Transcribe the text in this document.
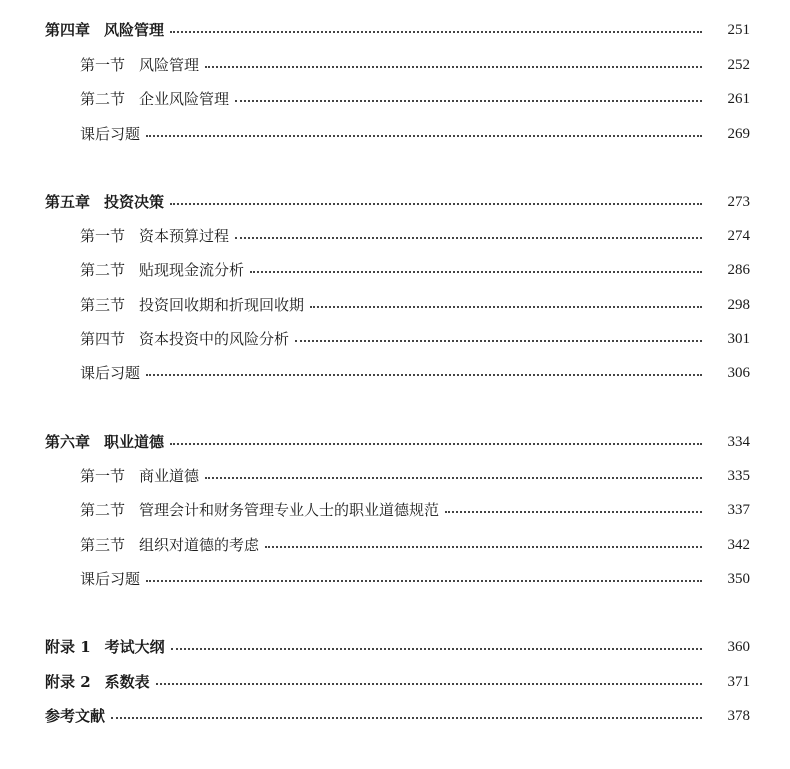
第四章 风险管理	251
第一节 风险管理	252
第二节 企业风险管理	261
课后习题	269
第五章 投资决策	273
第一节 资本预算过程	274
第二节 贴现现金流分析	286
第三节 投资回收期和折现回收期	298
第四节 资本投资中的风险分析	301
课后习题	306
第六章 职业道德	334
第一节 商业道德	335
第二节 管理会计和财务管理专业人士的职业道德规范	337
第三节 组织对道德的考虑	342
课后习题	350
附录 1 考试大纲	360
附录 2 系数表	371
参考文献	378
